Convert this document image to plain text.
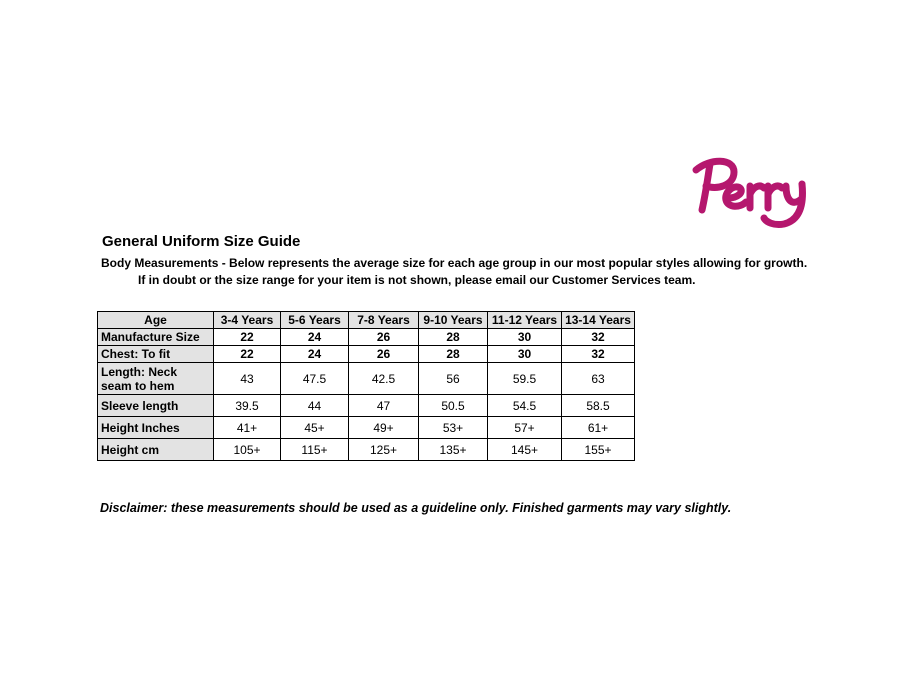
General Uniform Size Guide
Body Measurements - Below represents the average size for each age group in our most popular styles allowing for growth.
If in doubt or the size range for your item is not shown, please email our Customer Services team.
Age	3-4 Years	5-6 Years	7-8 Years	9-10 Years	11-12 Years	13-14 Years
Manufacture Size	22	24	26	28	30	32
Chest: To fit	22	24	26	28	30	32
Length: Neck seam to hem	43	47.5	42.5	56	59.5	63
Sleeve length	39.5	44	47	50.5	54.5	58.5
Height Inches	41+	45+	49+	53+	57+	61+
Height cm	105+	115+	125+	135+	145+	155+
Disclaimer: these measurements should be used as a guideline only. Finished garments may vary slightly.
